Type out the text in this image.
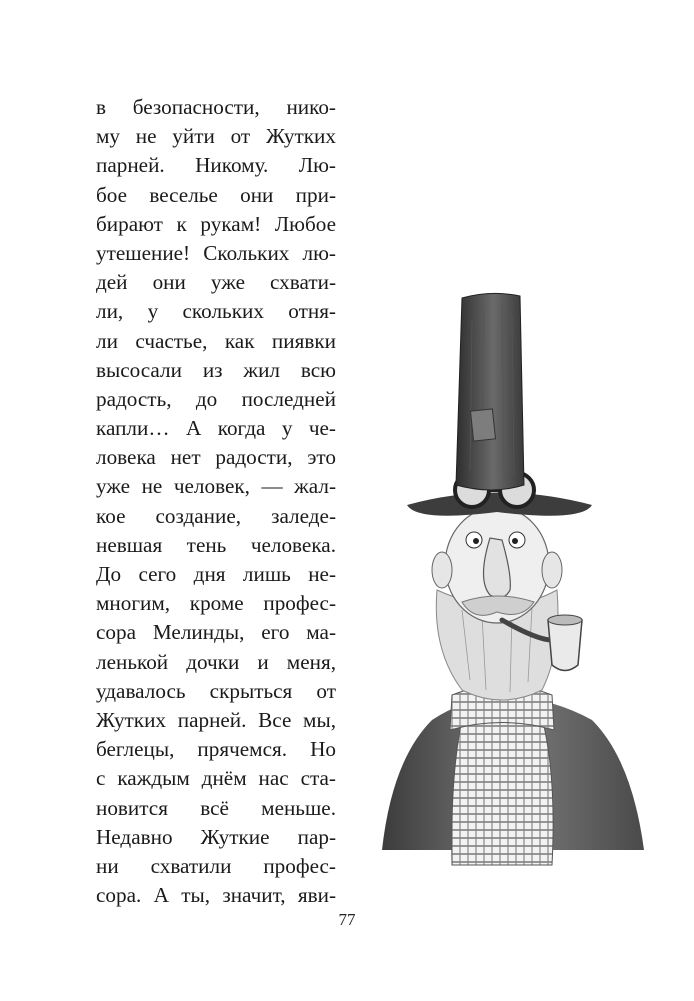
в безопасности, нико-
му не уйти от Жутких
парней. Никому. Лю-
бое веселье они при-
бирают к рукам! Любое
утешение! Скольких лю-
дей они уже схвати-
ли, у скольких отня-
ли счастье, как пиявки
высосали из жил всю
радость, до последней
капли… А когда у че-
ловека нет радости, это
уже не человек, — жал-
кое создание, заледе-
невшая тень человека.
До сего дня лишь не-
многим, кроме профес-
сора Мелинды, его ма-
ленькой дочки и меня,
удавалось скрыться от
Жутких парней. Все мы,
беглецы, прячемся. Но
с каждым днём нас ста-
новится всё меньше.
Недавно Жуткие пар-
ни схватили профес-
сора. А ты, значит, яви-
77
